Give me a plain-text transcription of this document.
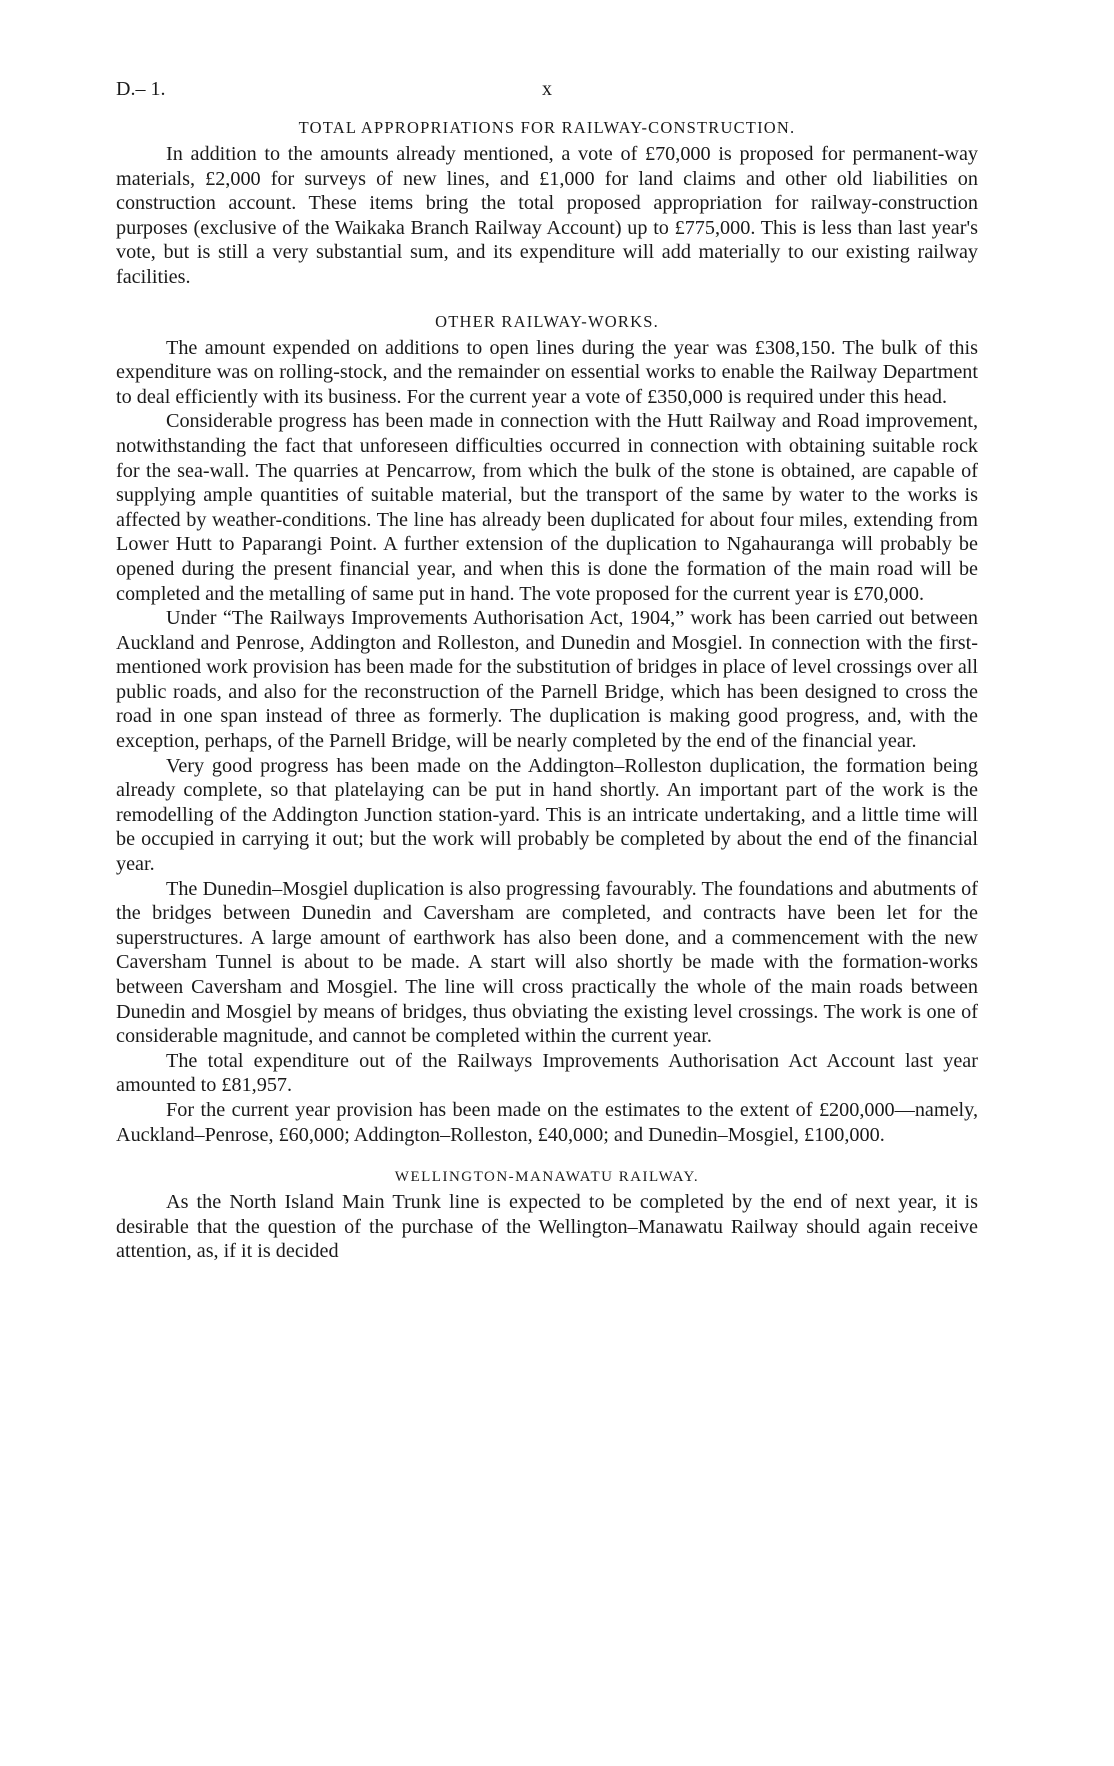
D.– 1.	x
TOTAL APPROPRIATIONS FOR RAILWAY-CONSTRUCTION.

In addition to the amounts already mentioned, a vote of £70,000 is proposed for permanent-way materials, £2,000 for surveys of new lines, and £1,000 for land claims and other old liabilities on construction account. These items bring the total proposed appropriation for railway-construction purposes (exclusive of the Waikaka Branch Railway Account) up to £775,000. This is less than last year's vote, but is still a very substantial sum, and its expenditure will add materially to our existing railway facilities.

OTHER RAILWAY-WORKS.

The amount expended on additions to open lines during the year was £308,150. The bulk of this expenditure was on rolling-stock, and the remainder on essential works to enable the Railway Department to deal efficiently with its business. For the current year a vote of £350,000 is required under this head.

Considerable progress has been made in connection with the Hutt Railway and Road improvement, notwithstanding the fact that unforeseen difficulties occurred in connection with obtaining suitable rock for the sea-wall. The quarries at Pencarrow, from which the bulk of the stone is obtained, are capable of supplying ample quantities of suitable material, but the transport of the same by water to the works is affected by weather-conditions. The line has already been duplicated for about four miles, extending from Lower Hutt to Paparangi Point. A further extension of the duplication to Ngahauranga will probably be opened during the present financial year, and when this is done the formation of the main road will be completed and the metalling of same put in hand. The vote proposed for the current year is £70,000.

Under “The Railways Improvements Authorisation Act, 1904,” work has been carried out between Auckland and Penrose, Addington and Rolleston, and Dunedin and Mosgiel. In connection with the first-mentioned work provision has been made for the substitution of bridges in place of level crossings over all public roads, and also for the reconstruction of the Parnell Bridge, which has been designed to cross the road in one span instead of three as formerly. The duplication is making good progress, and, with the exception, perhaps, of the Parnell Bridge, will be nearly completed by the end of the financial year.

Very good progress has been made on the Addington–Rolleston duplication, the formation being already complete, so that platelaying can be put in hand shortly. An important part of the work is the remodelling of the Addington Junction station-yard. This is an intricate undertaking, and a little time will be occupied in carrying it out; but the work will probably be completed by about the end of the financial year.

The Dunedin–Mosgiel duplication is also progressing favourably. The foundations and abutments of the bridges between Dunedin and Caversham are completed, and contracts have been let for the superstructures. A large amount of earthwork has also been done, and a commencement with the new Caversham Tunnel is about to be made. A start will also shortly be made with the formation-works between Caversham and Mosgiel. The line will cross practically the whole of the main roads between Dunedin and Mosgiel by means of bridges, thus obviating the existing level crossings. The work is one of considerable magnitude, and cannot be completed within the current year.

The total expenditure out of the Railways Improvements Authorisation Act Account last year amounted to £81,957.

For the current year provision has been made on the estimates to the extent of £200,000—namely, Auckland–Penrose, £60,000; Addington–Rolleston, £40,000; and Dunedin–Mosgiel, £100,000.

WELLINGTON-MANAWATU RAILWAY.

As the North Island Main Trunk line is expected to be completed by the end of next year, it is desirable that the question of the purchase of the Wellington–Manawatu Railway should again receive attention, as, if it is decided
